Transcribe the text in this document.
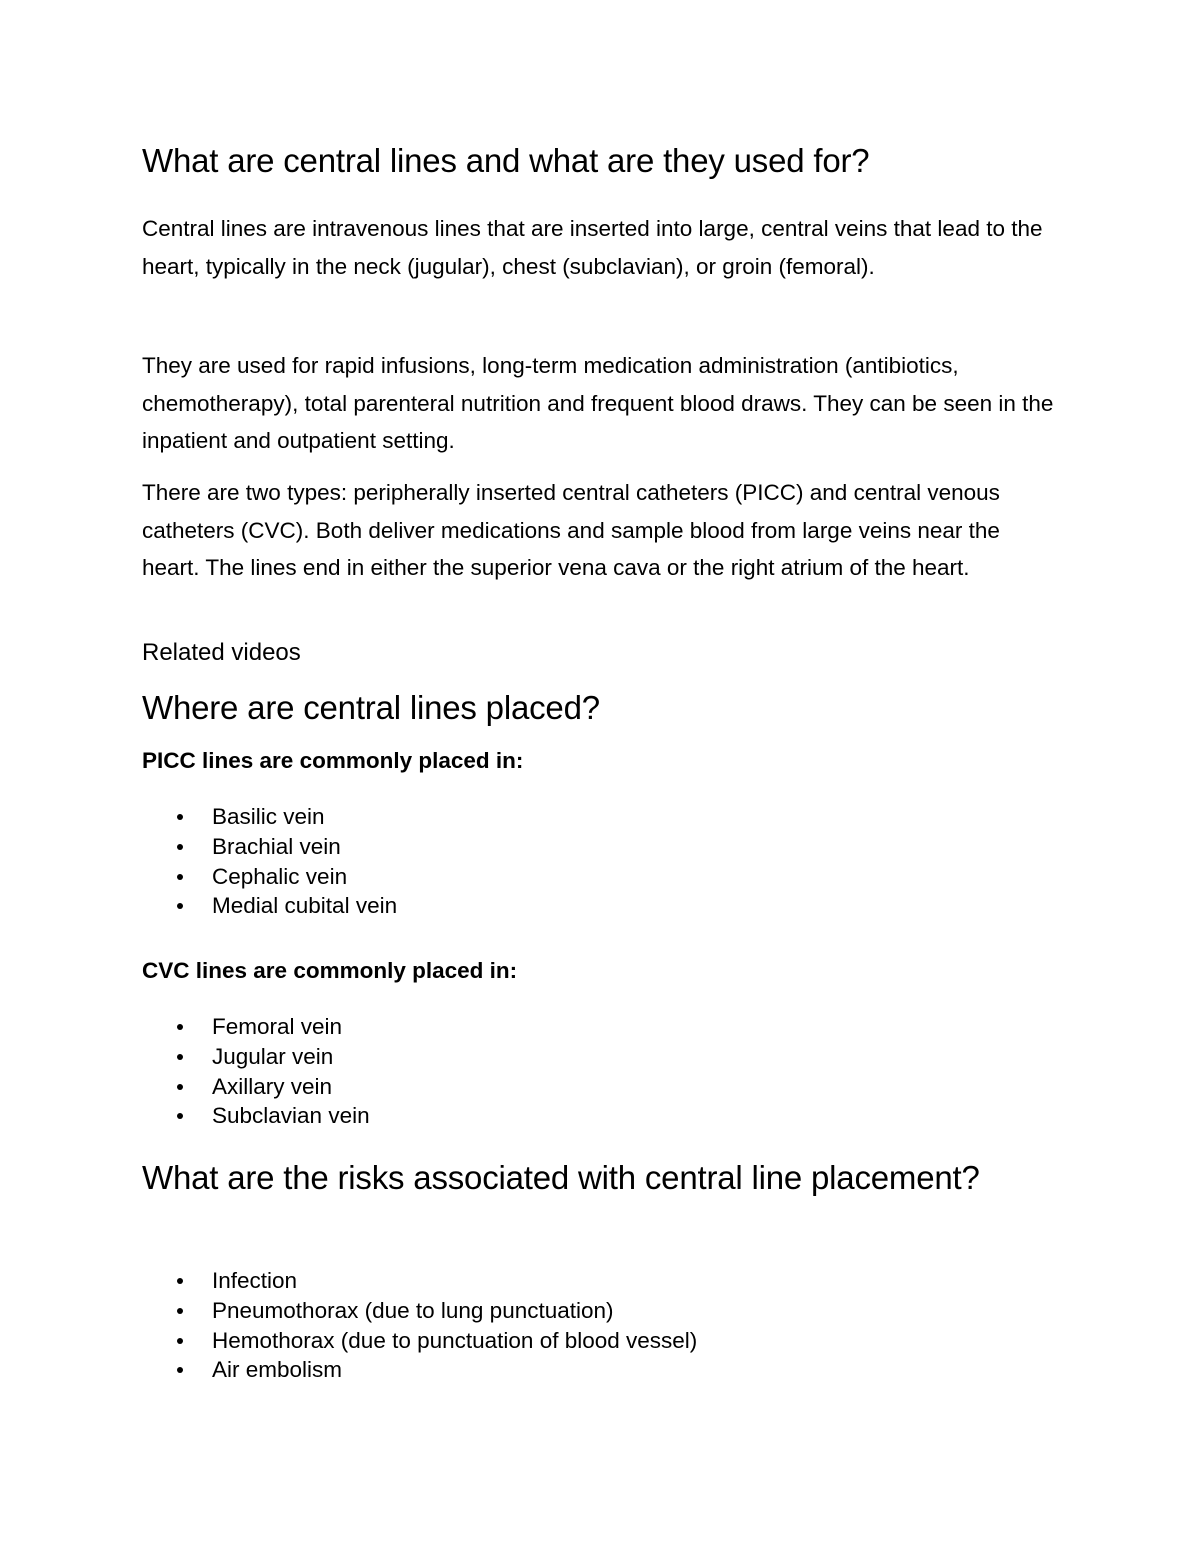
What are central lines and what are they used for?

Central lines are intravenous lines that are inserted into large, central veins that lead to the heart, typically in the neck (jugular), chest (subclavian), or groin (femoral).

They are used for rapid infusions, long-term medication administration (antibiotics, chemotherapy), total parenteral nutrition and frequent blood draws. They can be seen in the inpatient and outpatient setting.

There are two types: peripherally inserted central catheters (PICC) and central venous catheters (CVC). Both deliver medications and sample blood from large veins near the heart. The lines end in either the superior vena cava or the right atrium of the heart.

Related videos

Where are central lines placed?

PICC lines are commonly placed in:

Basilic vein
Brachial vein
Cephalic vein
Medial cubital vein

CVC lines are commonly placed in:

Femoral vein
Jugular vein
Axillary vein
Subclavian vein
What are the risks associated with central line placement?
Infection
Pneumothorax (due to lung punctuation)
Hemothorax (due to punctuation of blood vessel)
Air embolism
